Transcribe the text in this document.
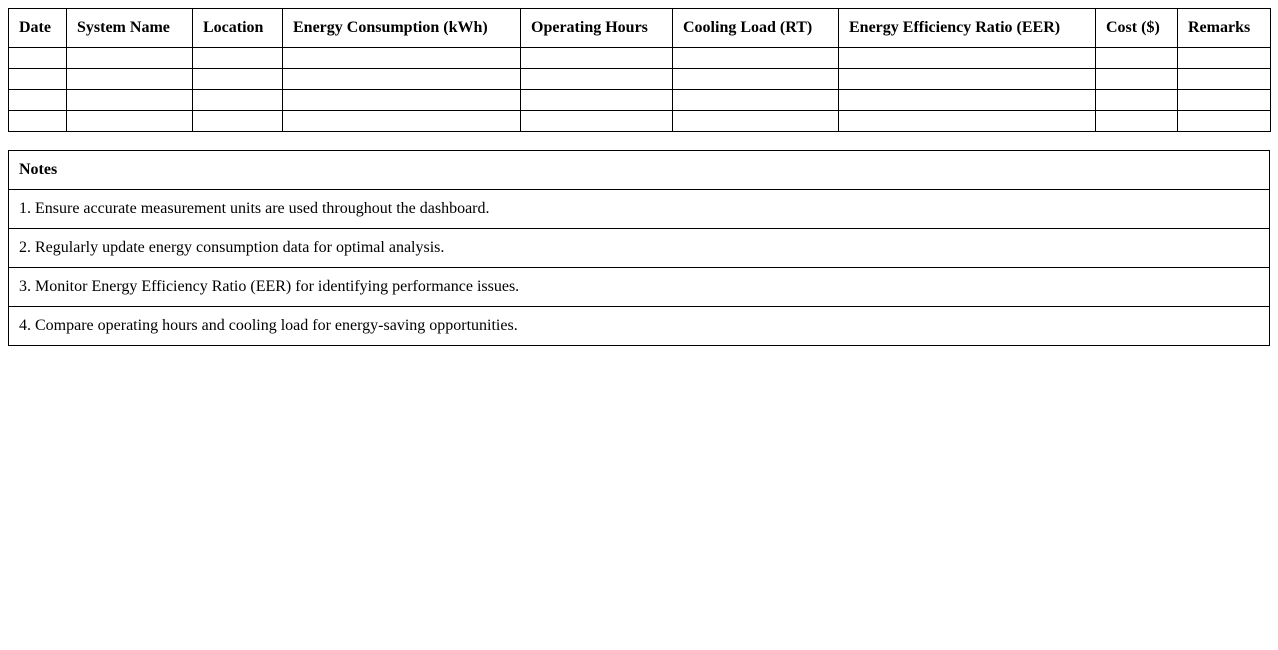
Date	System Name	Location	Energy Consumption (kWh)	Operating Hours	Cooling Load (RT)	Energy Efficiency Ratio (EER)	Cost ($)	Remarks

Notes
1. Ensure accurate measurement units are used throughout the dashboard.
2. Regularly update energy consumption data for optimal analysis.
3. Monitor Energy Efficiency Ratio (EER) for identifying performance issues.
4. Compare operating hours and cooling load for energy-saving opportunities.
